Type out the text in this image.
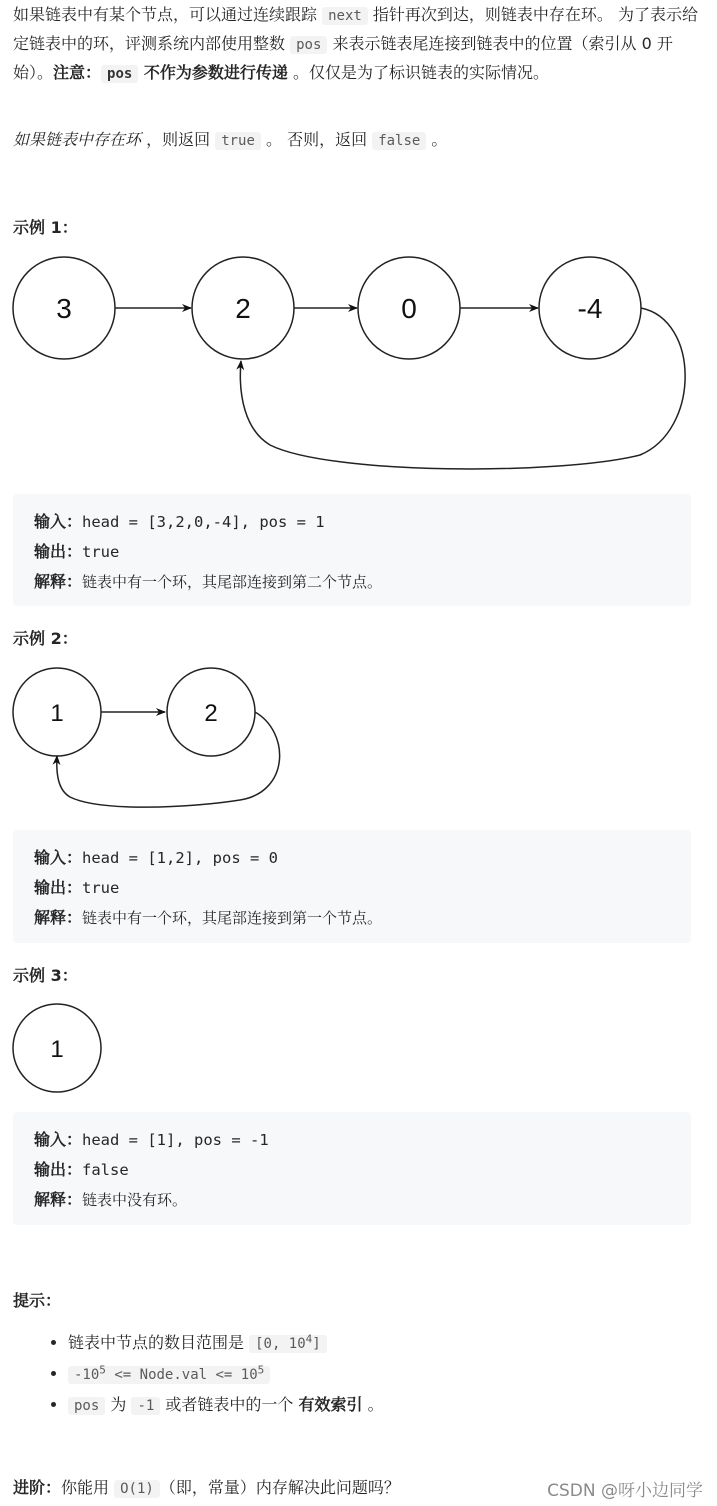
如果链表中有某个节点，可以通过连续跟踪 next 指针再次到达，则链表中存在环。 为了表示给定链表中的环，评测系统内部使用整数 pos 来表示链表尾连接到链表中的位置（索引从 0 开始）。注意： pos 不作为参数进行传递 。仅仅是为了标识链表的实际情况。
如果链表中存在环 ，则返回 true 。 否则，返回 false 。
示例 1：
3	2	0	-4
输入：head = [3,2,0,-4], pos = 1
输出：true
解释：链表中有一个环，其尾部连接到第二个节点。
示例 2：
1	2
输入：head = [1,2], pos = 0
输出：true
解释：链表中有一个环，其尾部连接到第一个节点。
示例 3：
1
输入：head = [1], pos = -1
输出：false
解释：链表中没有环。
提示：
• 链表中节点的数目范围是 [0, $10^4$]
• $-10^5$ <= Node.val <= $10^5$
• pos 为 -1 或者链表中的一个 有效索引 。
进阶：你能用 O(1) （即，常量）内存解决此问题吗？	CSDN @呀小边同学
